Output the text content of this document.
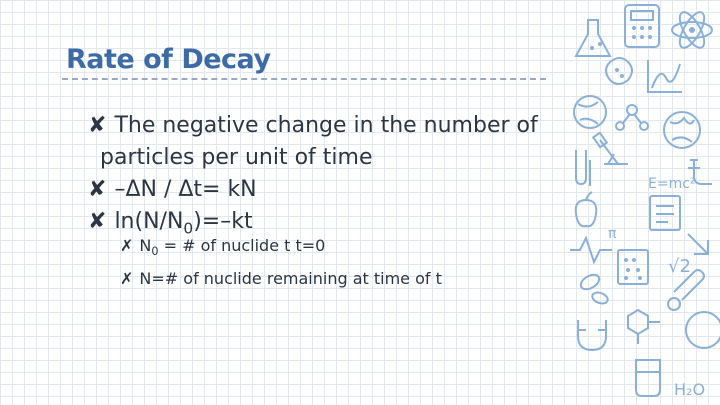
Rate of Decay

✘ The negative change in the number of
particles per unit of time

✘ –ΔN / Δt= kN

✘ $\ln(N/N_0)=-kt$

✗ $N_0$ = # of nuclide t t=0

✗ N=# of nuclide remaining at time of t

E=mc²
π
√2
H₂O
